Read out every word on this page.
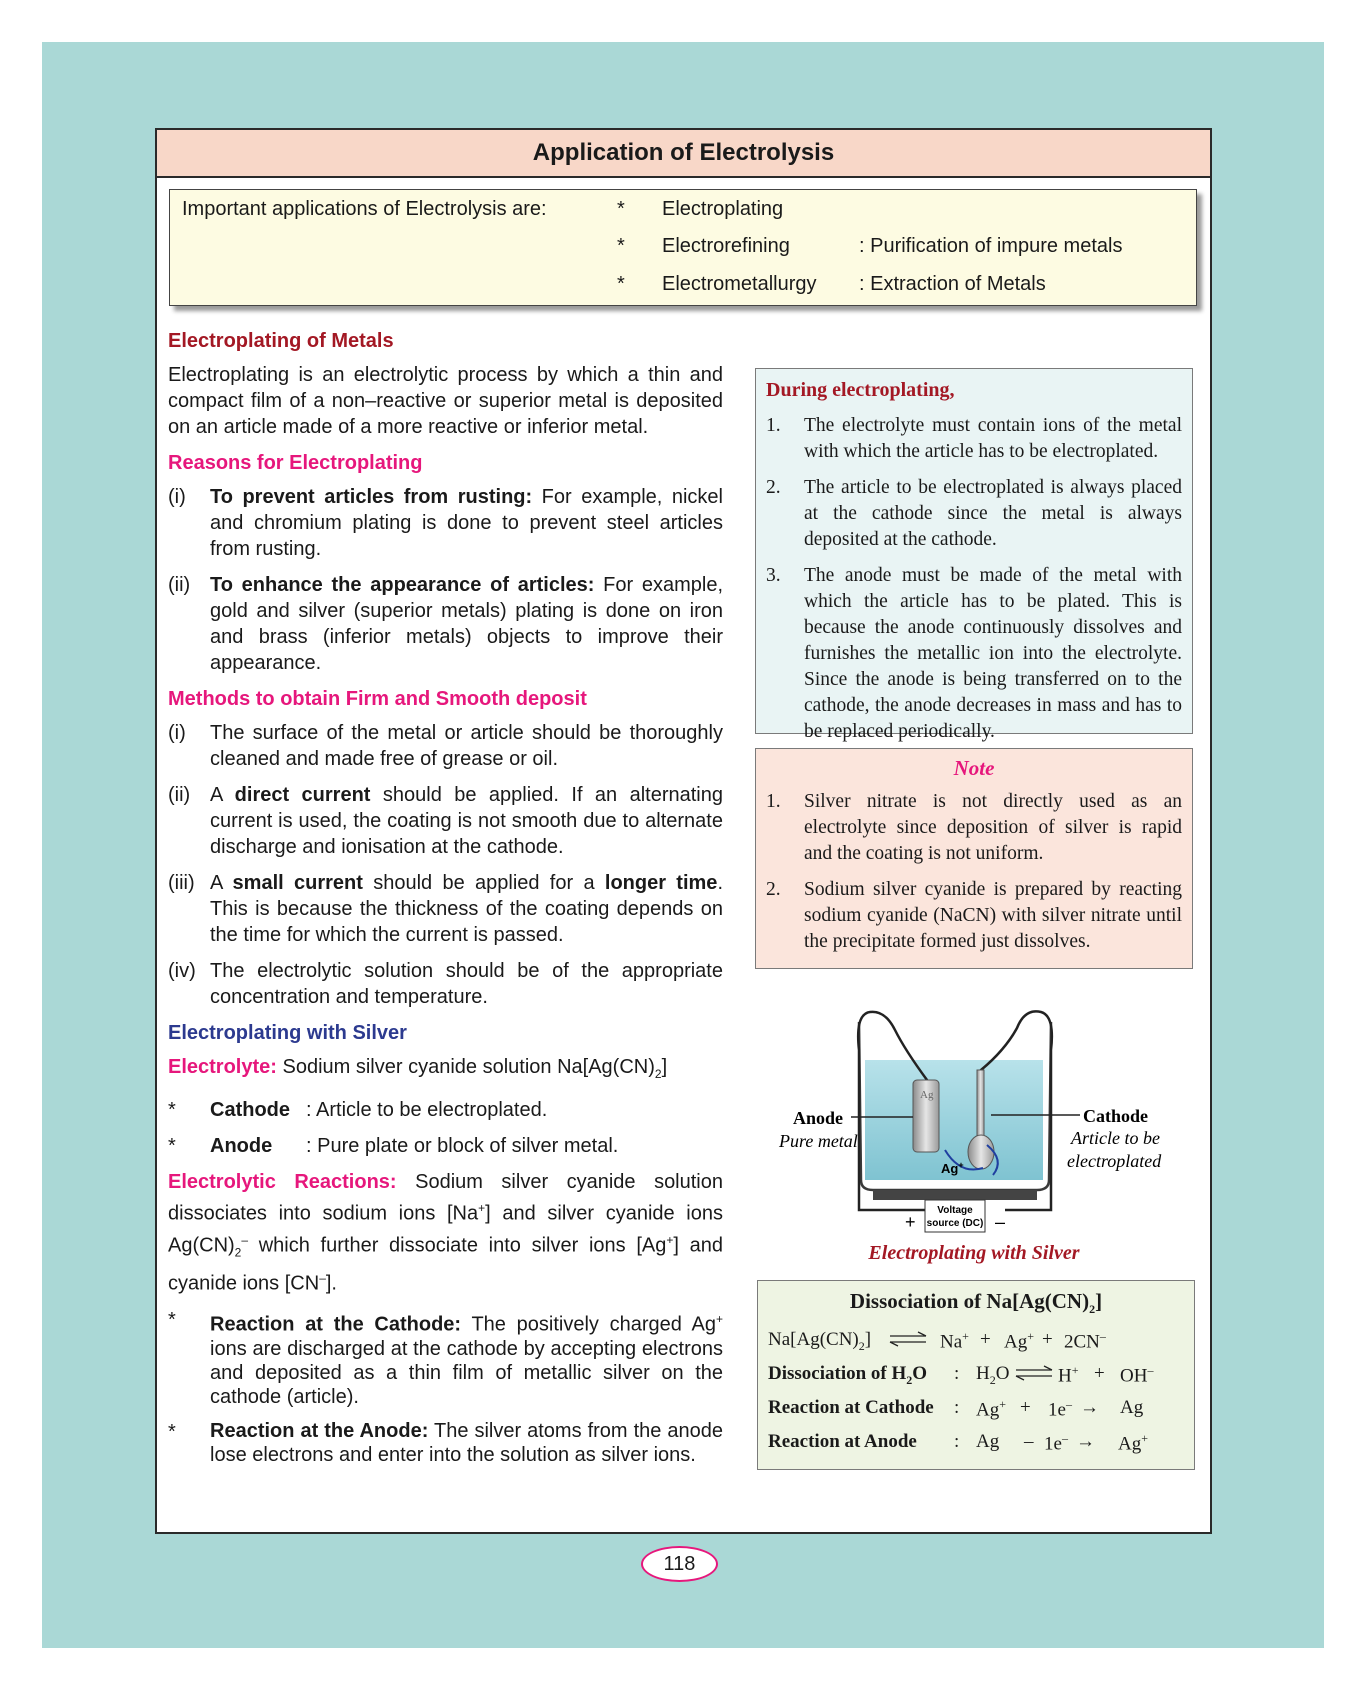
Application of Electrolysis
Important applications of Electrolysis are:	* Electroplating
* Electrorefining	: Purification of impure metals
* Electrometallurgy : Extraction of Metals
Electroplating of Metals

Electroplating is an electrolytic process by which a thin and compact film of a non–reactive or superior metal is deposited on an article made of a more reactive or inferior metal.

Reasons for Electroplating
(i)	To prevent articles from rusting: For example, nickel and chromium plating is done to prevent steel articles from rusting.
(ii) To enhance the appearance of articles: For example, gold and silver (superior metals) plating is done on iron and brass (inferior metals) objects to improve their appearance.
Methods to obtain Firm and Smooth deposit
(i)	The surface of the metal or article should be thoroughly cleaned and made free of grease or oil.
(ii) A direct current should be applied. If an alternating current is used, the coating is not smooth due to alternate discharge and ionisation at the cathode.
(iii) A small current should be applied for a longer time. This is because the thickness of the coating depends on the time for which the current is passed.
(iv) The electrolytic solution should be of the appropriate concentration and temperature.
Electroplating with Silver

Electrolyte: Sodium silver cyanide solution $Na[Ag(CN)_2]$

*	Cathode : Article to be electroplated.
*	Anode : Pure plate or block of silver metal.

Electrolytic Reactions: Sodium silver cyanide solution dissociates into sodium ions [Na+] and silver cyanide ions $Ag(CN)_2^-$ which further dissociate into silver ions [Ag+] and cyanide ions [CN–].

*	Reaction at the Cathode: The positively charged Ag+ ions are discharged at the cathode by accepting electrons and deposited as a thin film of metallic silver on the cathode (article).
*	Reaction at the Anode: The silver atoms from the anode lose electrons and enter into the solution as silver ions.
During electroplating,
1.	The electrolyte must contain ions of the metal with which the article has to be electroplated.
2.	The article to be electroplated is always placed at the cathode since the metal is always deposited at the cathode.
3.	The anode must be made of the metal with which the article has to be plated. This is because the anode continuously dissolves and furnishes the metallic ion into the electrolyte. Since the anode is being transferred on to the cathode, the anode decreases in mass and has to be replaced periodically.
Note
1.	Silver nitrate is not directly used as an electrolyte since deposition of silver is rapid and the coating is not uniform.
2.	Sodium silver cyanide is prepared by reacting sodium cyanide (NaCN) with silver nitrate until the precipitate formed just dissolves.
Ag
Ag+
Voltage
source (DC)
+	–
Anode
Pure metal
Cathode
Article to be
electroplated
Electroplating with Silver
Dissociation of $Na[Ag(CN)_2]$
$Na[Ag(CN)_2]$ ⇌ Na+ + Ag+ + 2CN–
Dissociation of $H_2O$ : $H_2O$ ⇌ H+ + OH–
Reaction at Cathode : Ag+ + 1e– → Ag
Reaction at Anode : Ag – 1e– → Ag+
118
